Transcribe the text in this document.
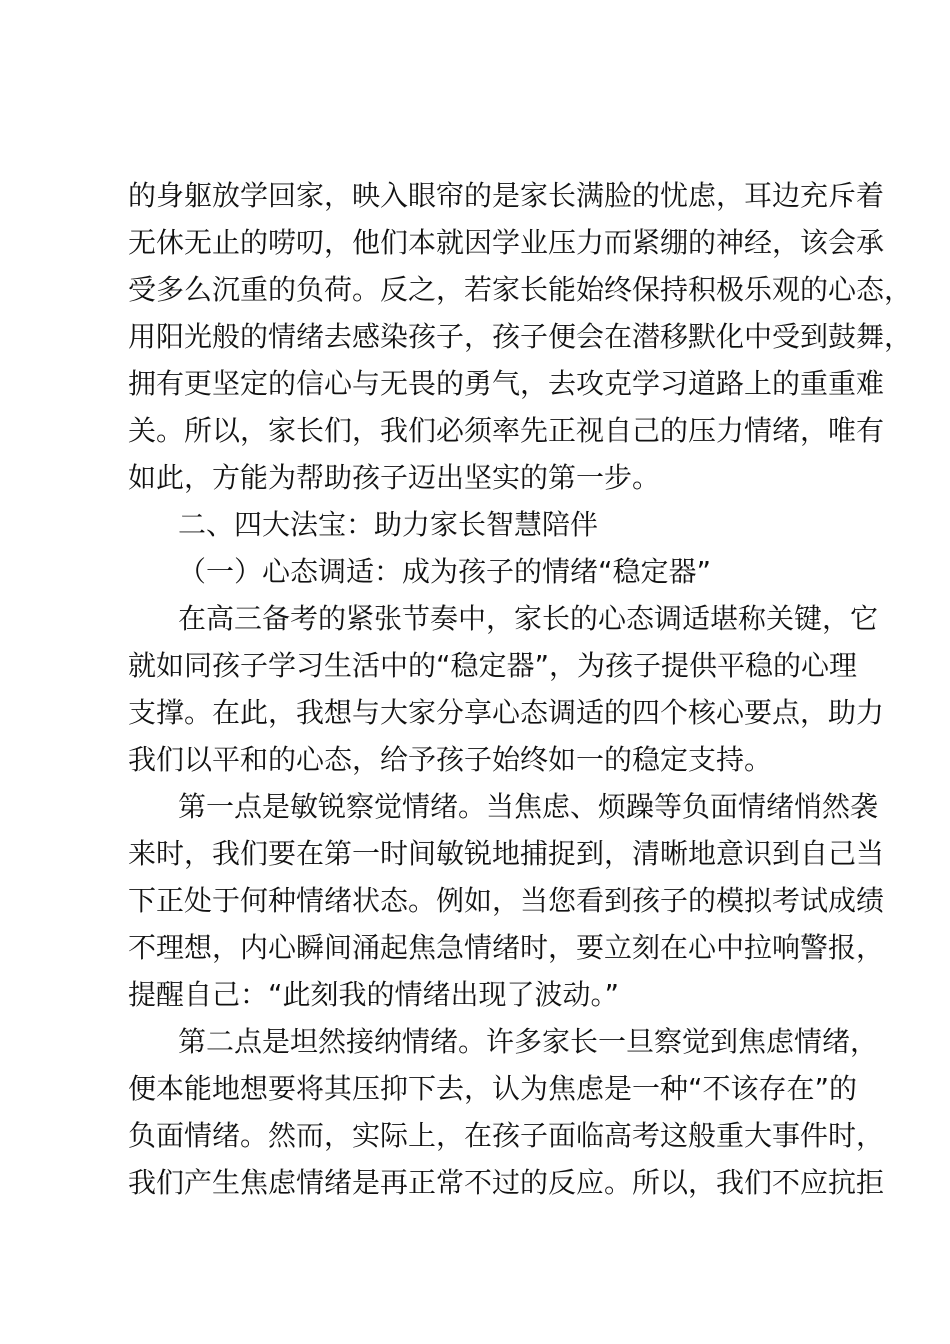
的身躯放学回家，映入眼帘的是家长满脸的忧虑，耳边充斥着
无休无止的唠叨，他们本就因学业压力而紧绷的神经，该会承
受多么沉重的负荷。反之，若家长能始终保持积极乐观的心态，
用阳光般的情绪去感染孩子，孩子便会在潜移默化中受到鼓舞，
拥有更坚定的信心与无畏的勇气，去攻克学习道路上的重重难
关。所以，家长们，我们必须率先正视自己的压力情绪，唯有
如此，方能为帮助孩子迈出坚实的第一步。

二、四大法宝：助力家长智慧陪伴

（一）心态调适：成为孩子的情绪“稳定器”

在高三备考的紧张节奏中，家长的心态调适堪称关键，它
就如同孩子学习生活中的“稳定器”，为孩子提供平稳的心理
支撑。在此，我想与大家分享心态调适的四个核心要点，助力
我们以平和的心态，给予孩子始终如一的稳定支持。

第一点是敏锐察觉情绪。当焦虑、烦躁等负面情绪悄然袭
来时，我们要在第一时间敏锐地捕捉到，清晰地意识到自己当
下正处于何种情绪状态。例如，当您看到孩子的模拟考试成绩
不理想，内心瞬间涌起焦急情绪时，要立刻在心中拉响警报，
提醒自己：“此刻我的情绪出现了波动。”

第二点是坦然接纳情绪。许多家长一旦察觉到焦虑情绪，
便本能地想要将其压抑下去，认为焦虑是一种“不该存在”的
负面情绪。然而，实际上，在孩子面临高考这般重大事件时，
我们产生焦虑情绪是再正常不过的反应。所以，我们不应抗拒
